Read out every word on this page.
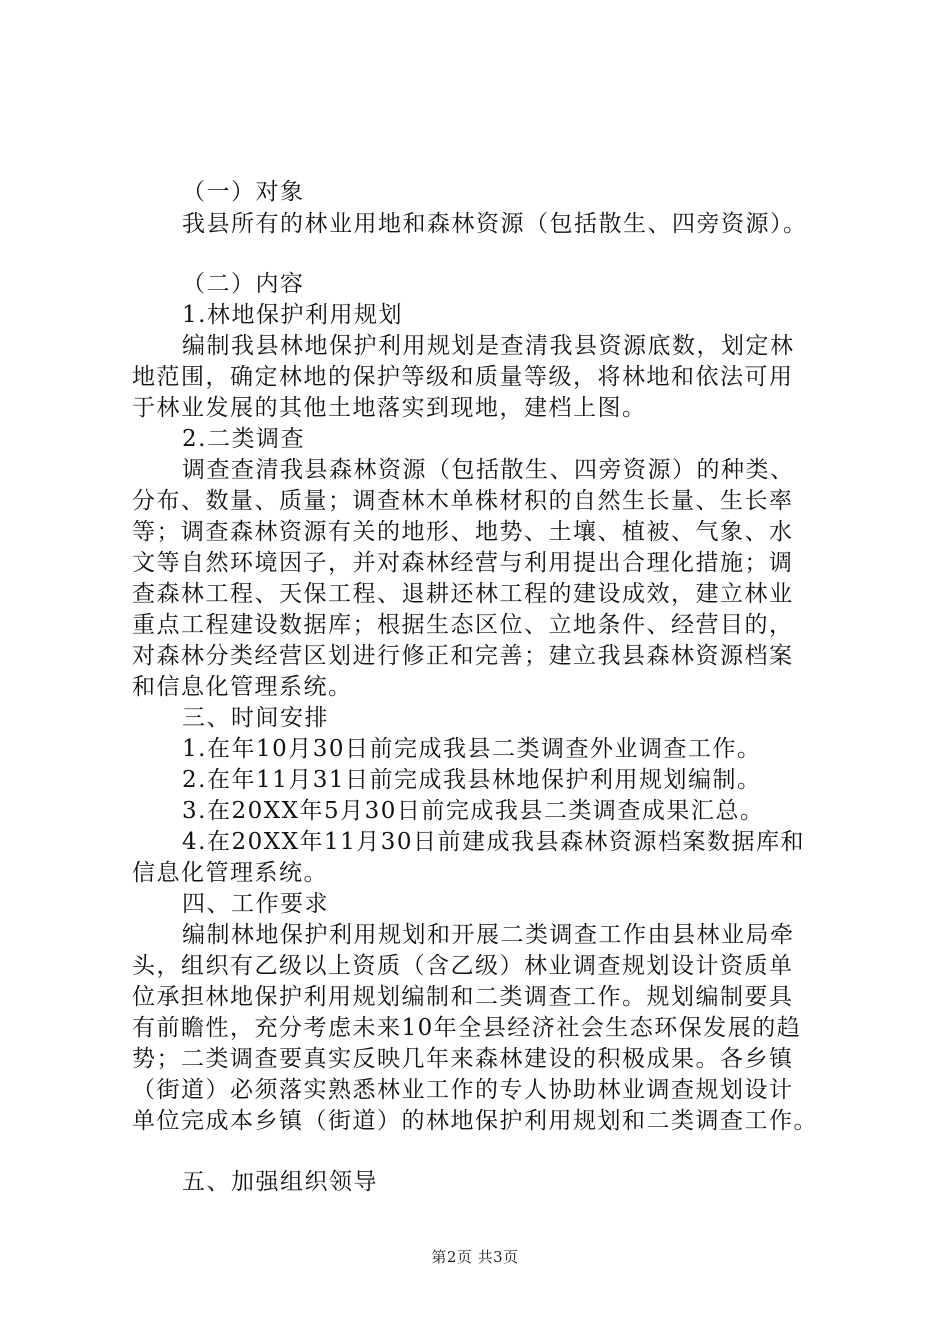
（一）对象
我县所有的林业用地和森林资源（包括散生、四旁资源）。
（二）内容
1.林地保护利用规划
编制我县林地保护利用规划是查清我县资源底数，划定林
地范围，确定林地的保护等级和质量等级，将林地和依法可用
于林业发展的其他土地落实到现地，建档上图。
2.二类调查
调查查清我县森林资源（包括散生、四旁资源）的种类、
分布、数量、质量；调查林木单株材积的自然生长量、生长率
等；调查森林资源有关的地形、地势、土壤、植被、气象、水
文等自然环境因子，并对森林经营与利用提出合理化措施；调
查森林工程、天保工程、退耕还林工程的建设成效，建立林业
重点工程建设数据库；根据生态区位、立地条件、经营目的，
对森林分类经营区划进行修正和完善；建立我县森林资源档案
和信息化管理系统。
三、时间安排
1.在年10月30日前完成我县二类调查外业调查工作。
2.在年11月31日前完成我县林地保护利用规划编制。
3.在20XX年5月30日前完成我县二类调查成果汇总。
4.在20XX年11月30日前建成我县森林资源档案数据库和
信息化管理系统。
四、工作要求
编制林地保护利用规划和开展二类调查工作由县林业局牵
头，组织有乙级以上资质（含乙级）林业调查规划设计资质单
位承担林地保护利用规划编制和二类调查工作。规划编制要具
有前瞻性，充分考虑未来10年全县经济社会生态环保发展的趋
势；二类调查要真实反映几年来森林建设的积极成果。各乡镇
（街道）必须落实熟悉林业工作的专人协助林业调查规划设计
单位完成本乡镇（街道）的林地保护利用规划和二类调查工作。
五、加强组织领导
第2页 共3页
